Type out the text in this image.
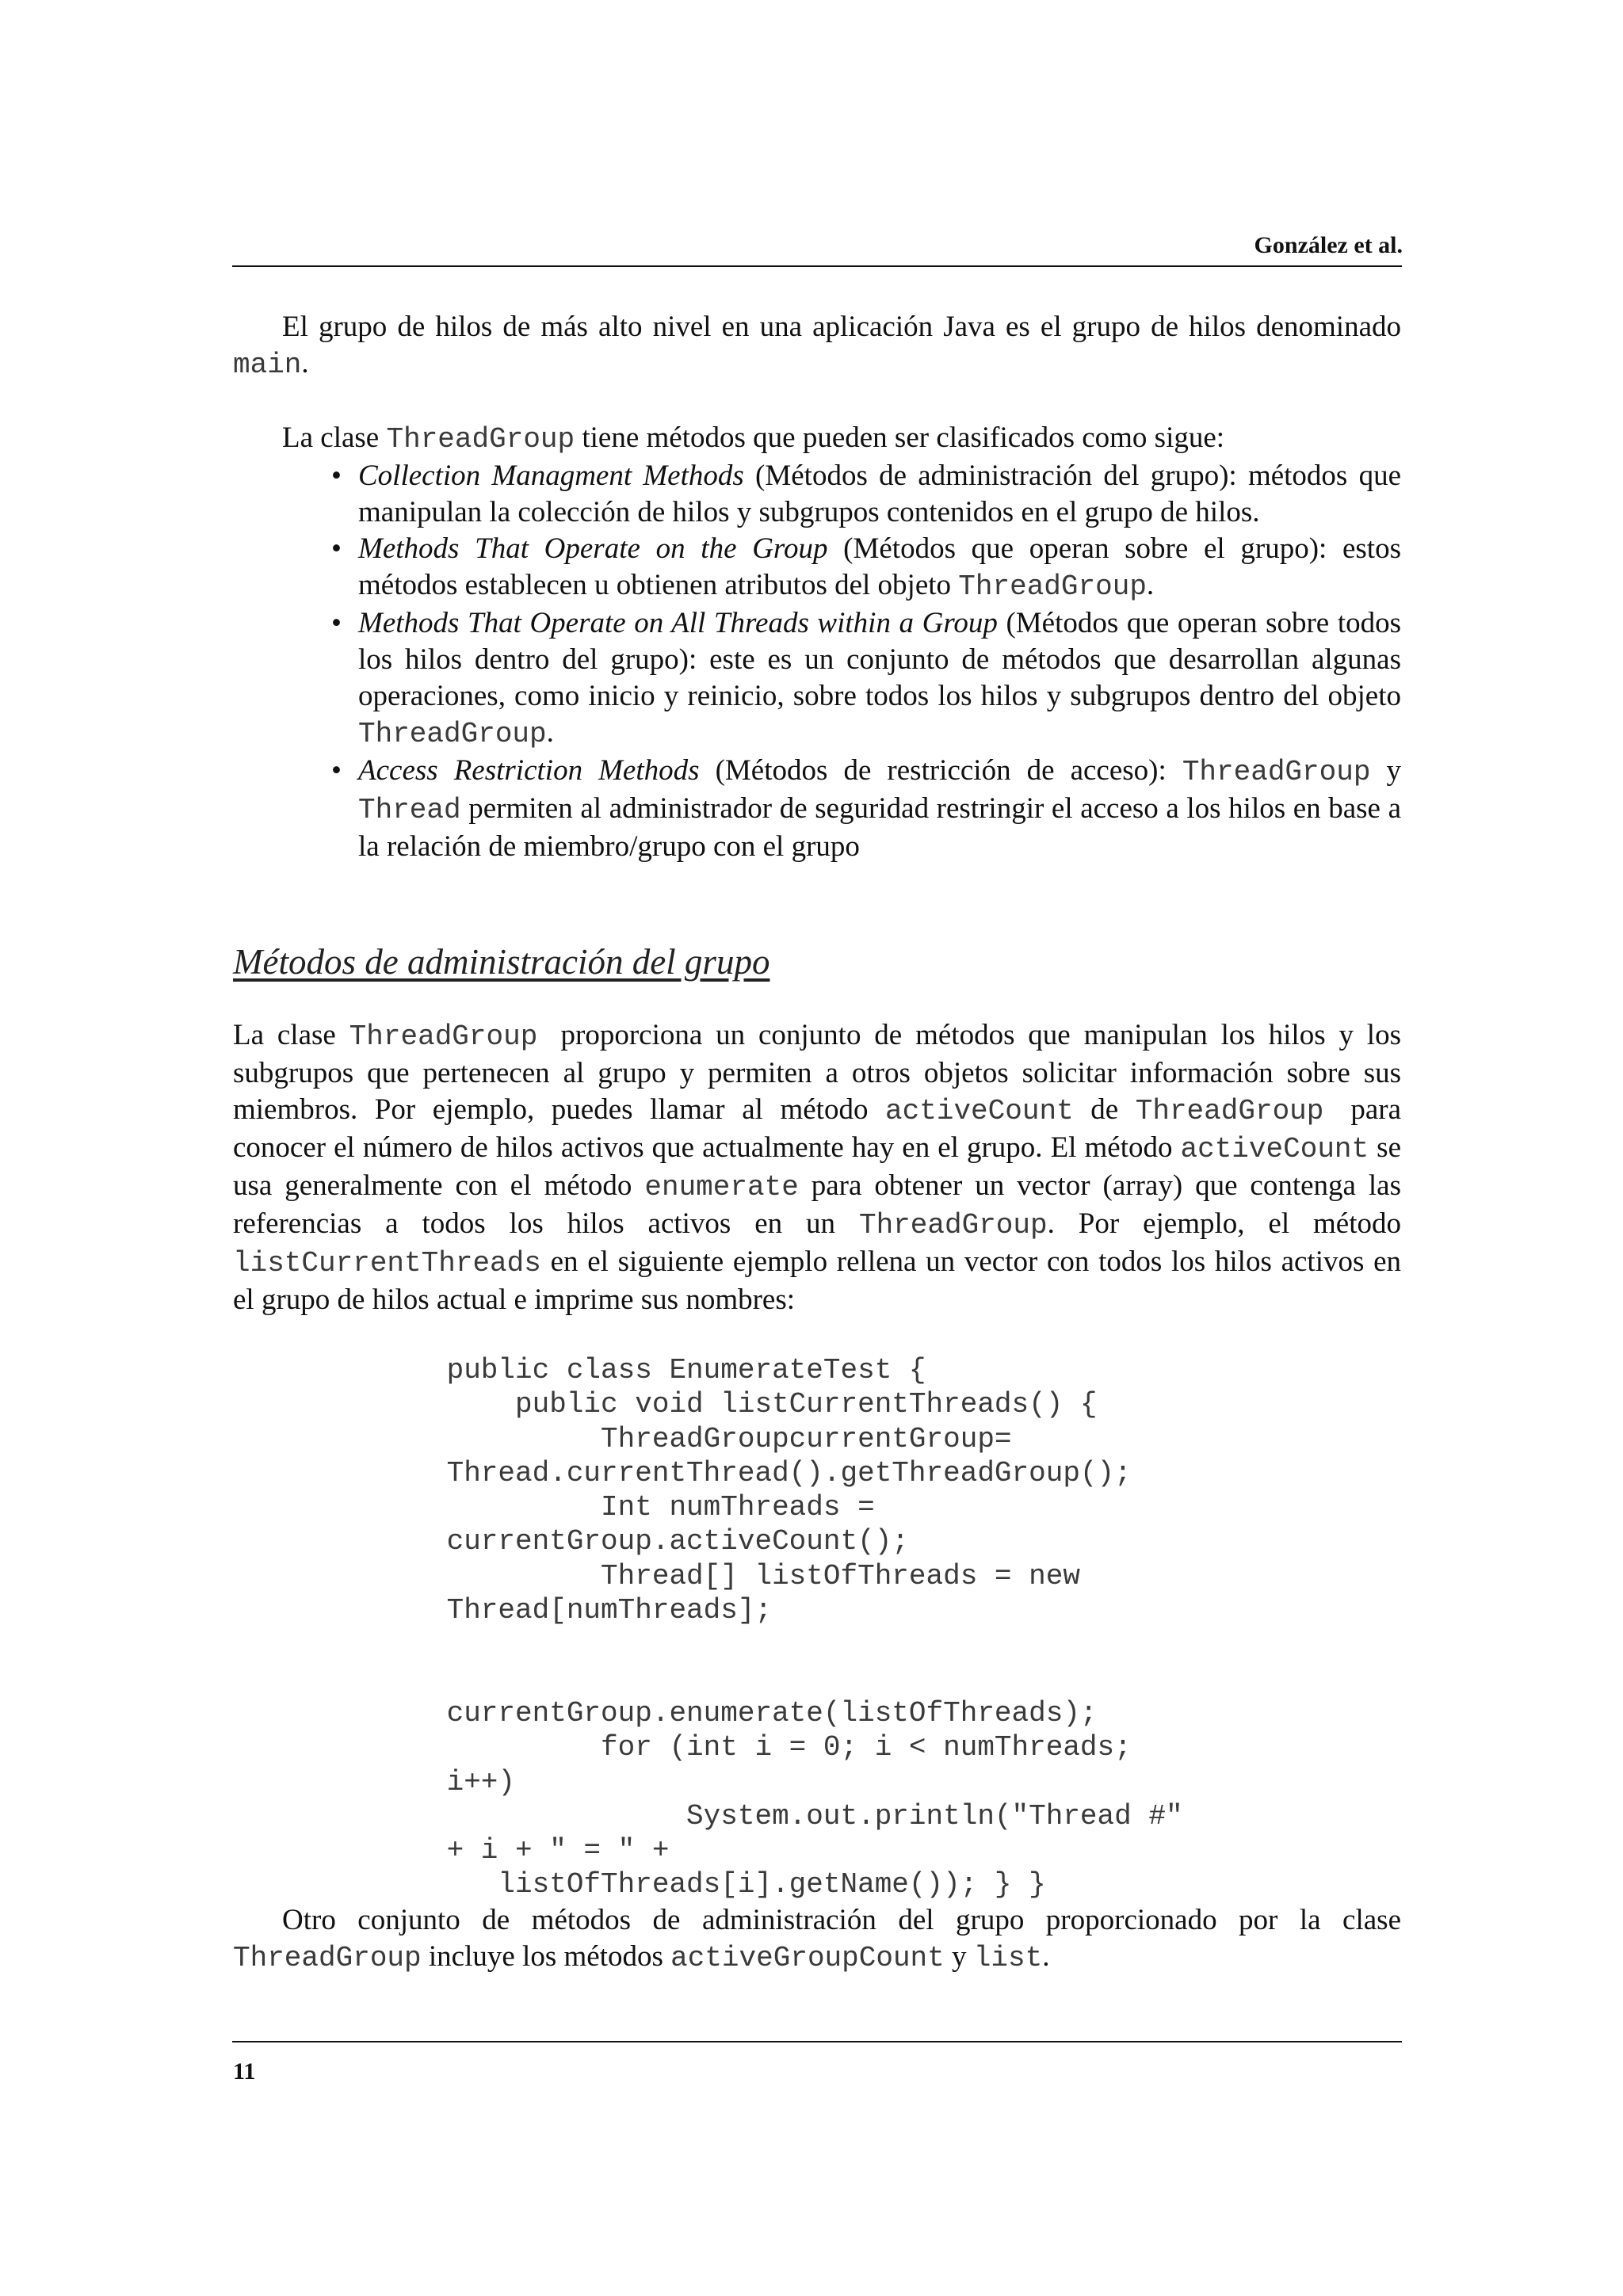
González et al.

El grupo de hilos de más alto nivel en una aplicación Java es el grupo de hilos denominado main.

La clase ThreadGroup tiene métodos que pueden ser clasificados como sigue:

• Collection Managment Methods (Métodos de administración del grupo): métodos que manipulan la colección de hilos y subgrupos contenidos en el grupo de hilos.
• Methods That Operate on the Group (Métodos que operan sobre el grupo): estos métodos establecen u obtienen atributos del objeto ThreadGroup.
• Methods That Operate on All Threads within a Group (Métodos que operan sobre todos los hilos dentro del grupo): este es un conjunto de métodos que desarrollan algunas operaciones, como inicio y reinicio, sobre todos los hilos y subgrupos dentro del objeto ThreadGroup.
• Access Restriction Methods (Métodos de restricción de acceso): ThreadGroup y Thread permiten al administrador de seguridad restringir el acceso a los hilos en base a la relación de miembro/grupo con el grupo
Métodos de administración del grupo

La clase ThreadGroup proporciona un conjunto de métodos que manipulan los hilos y los subgrupos que pertenecen al grupo y permiten a otros objetos solicitar información sobre sus miembros. Por ejemplo, puedes llamar al método activeCount de ThreadGroup para conocer el número de hilos activos que actualmente hay en el grupo. El método activeCount se usa generalmente con el método enumerate para obtener un vector (array) que contenga las referencias a todos los hilos activos en un ThreadGroup. Por ejemplo, el método listCurrentThreads en el siguiente ejemplo rellena un vector con todos los hilos activos en el grupo de hilos actual e imprime sus nombres:

public class EnumerateTest {
public void listCurrentThreads() {
ThreadGroupcurrentGroup=
Thread.currentThread().getThreadGroup();
Int numThreads =
currentGroup.activeCount();
Thread[] listOfThreads = new
Thread[numThreads];

currentGroup.enumerate(listOfThreads);
for (int i = 0; i < numThreads;
i++)
System.out.println("Thread #"
+ i + " = " +
listOfThreads[i].getName()); } }

Otro conjunto de métodos de administración del grupo proporcionado por la clase ThreadGroup incluye los métodos activeGroupCount y list.

11
